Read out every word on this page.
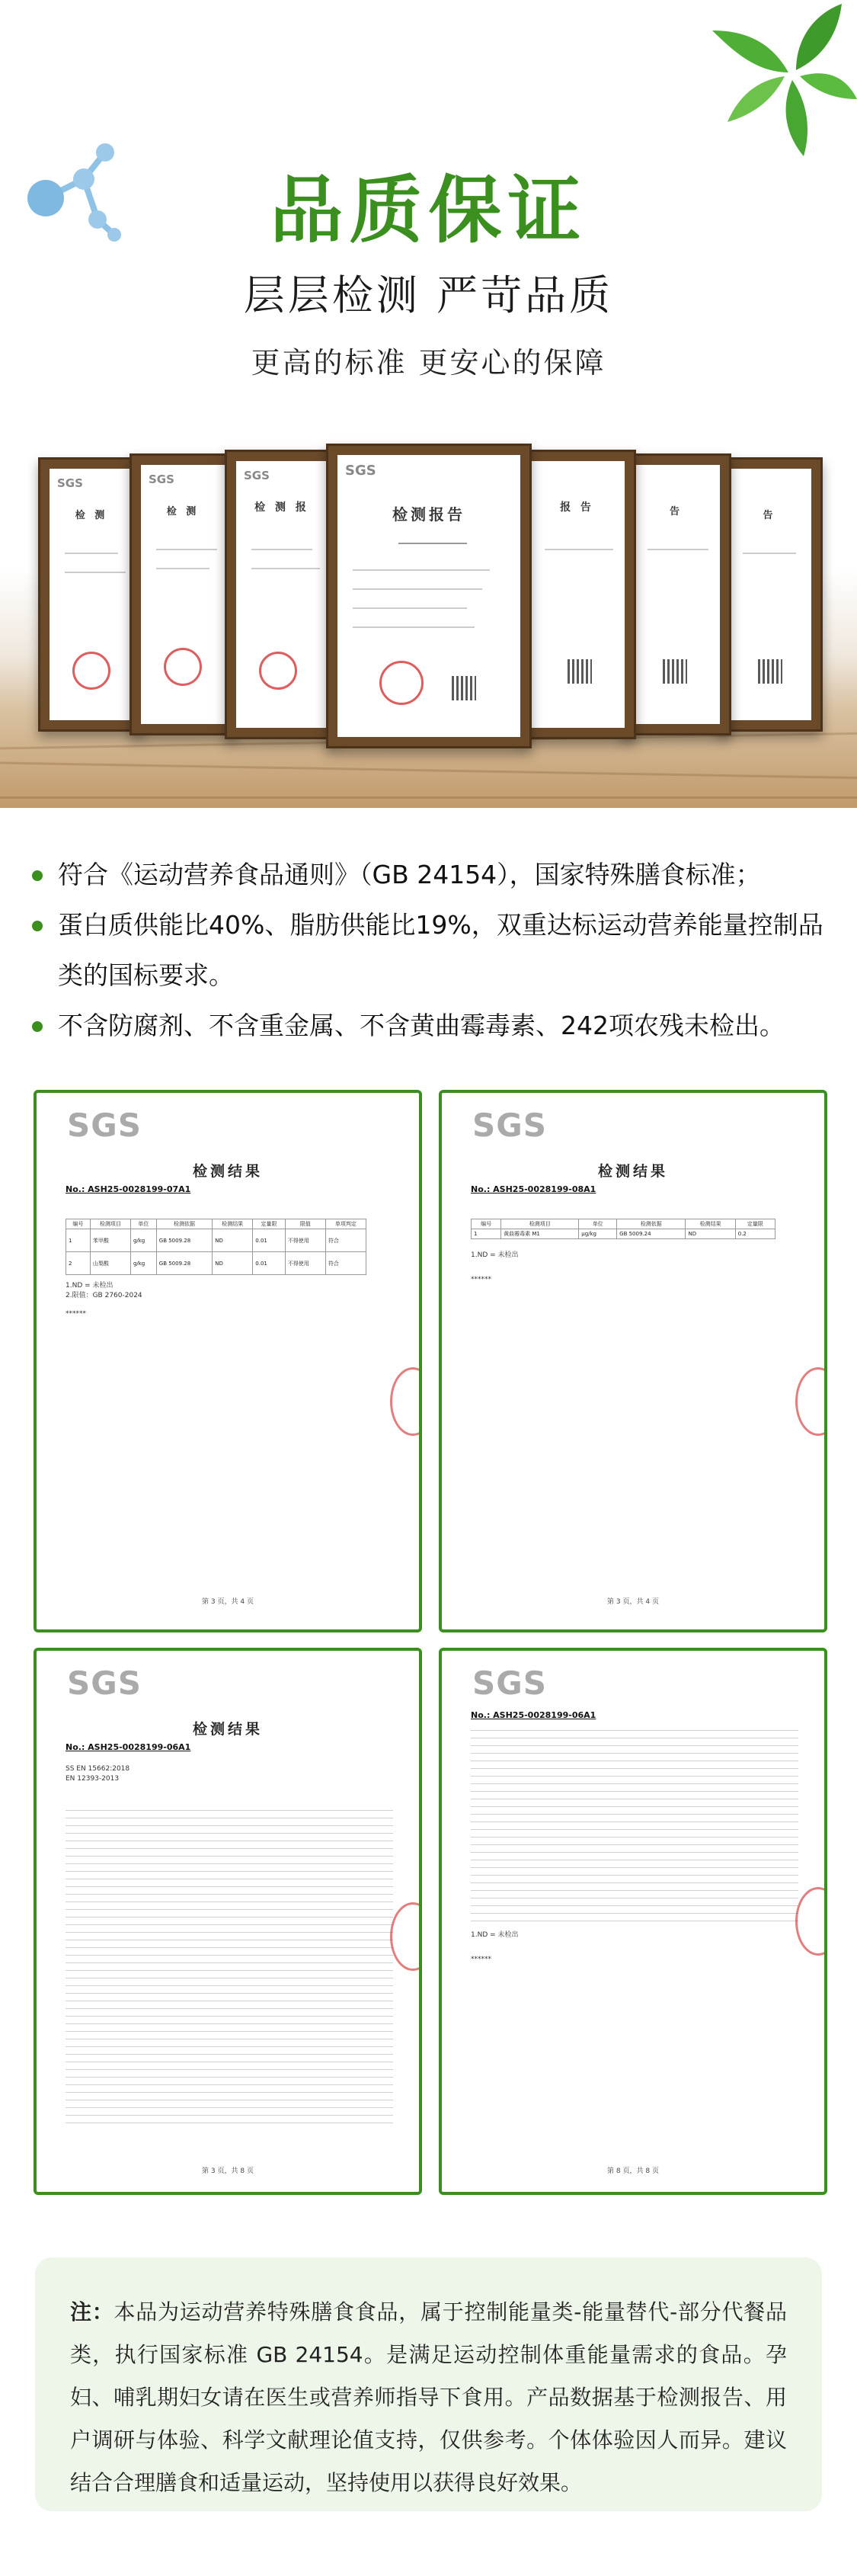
品质保证
层层检测 严苛品质
更高的标准 更安心的保障
SGS
检 测
SGS
检 测
SGS
检 测 报
告
告
报 告
SGS
检测报告
符合《运动营养食品通则》（GB 24154），国家特殊膳食标准；
蛋白质供能比40%、脂肪供能比19%，双重达标运动营养能量控制品类的国标要求。
不含防腐剂、不含重金属、不含黄曲霉毒素、242项农残未检出。
SGS
检测结果
No.: ASH25-0028199-07A1
编号	检测项目	单位	检测依据	检测结果	定量限	限值	单项判定
1	苯甲酸	g/kg	GB 5009.28	ND	0.01	不得使用	符合
2	山梨酸	g/kg	GB 5009.28	ND	0.01	不得使用	符合
1.ND = 未检出
2.限值：GB 2760-2024
******
第 3 页，共 4 页
SGS
检测结果
No.: ASH25-0028199-08A1
编号	检测项目	单位	检测依据	检测结果	定量限
1	黄曲霉毒素 M1	μg/kg	GB 5009.24	ND	0.2
1.ND = 未检出
******
第 3 页，共 4 页
SGS
检测结果
No.: ASH25-0028199-06A1
SS EN 15662:2018
EN 12393-2013
第 3 页，共 8 页
SGS
No.: ASH25-0028199-06A1
1.ND = 未检出
******
第 8 页，共 8 页
注：本品为运动营养特殊膳食食品，属于控制能量类-能量替代-部分代餐品类，执行国家标准 GB 24154。是满足运动控制体重能量需求的食品。孕妇、哺乳期妇女请在医生或营养师指导下食用。产品数据基于检测报告、用户调研与体验、科学文献理论值支持，仅供参考。个体体验因人而异。建议结合合理膳食和适量运动，坚持使用以获得良好效果。
